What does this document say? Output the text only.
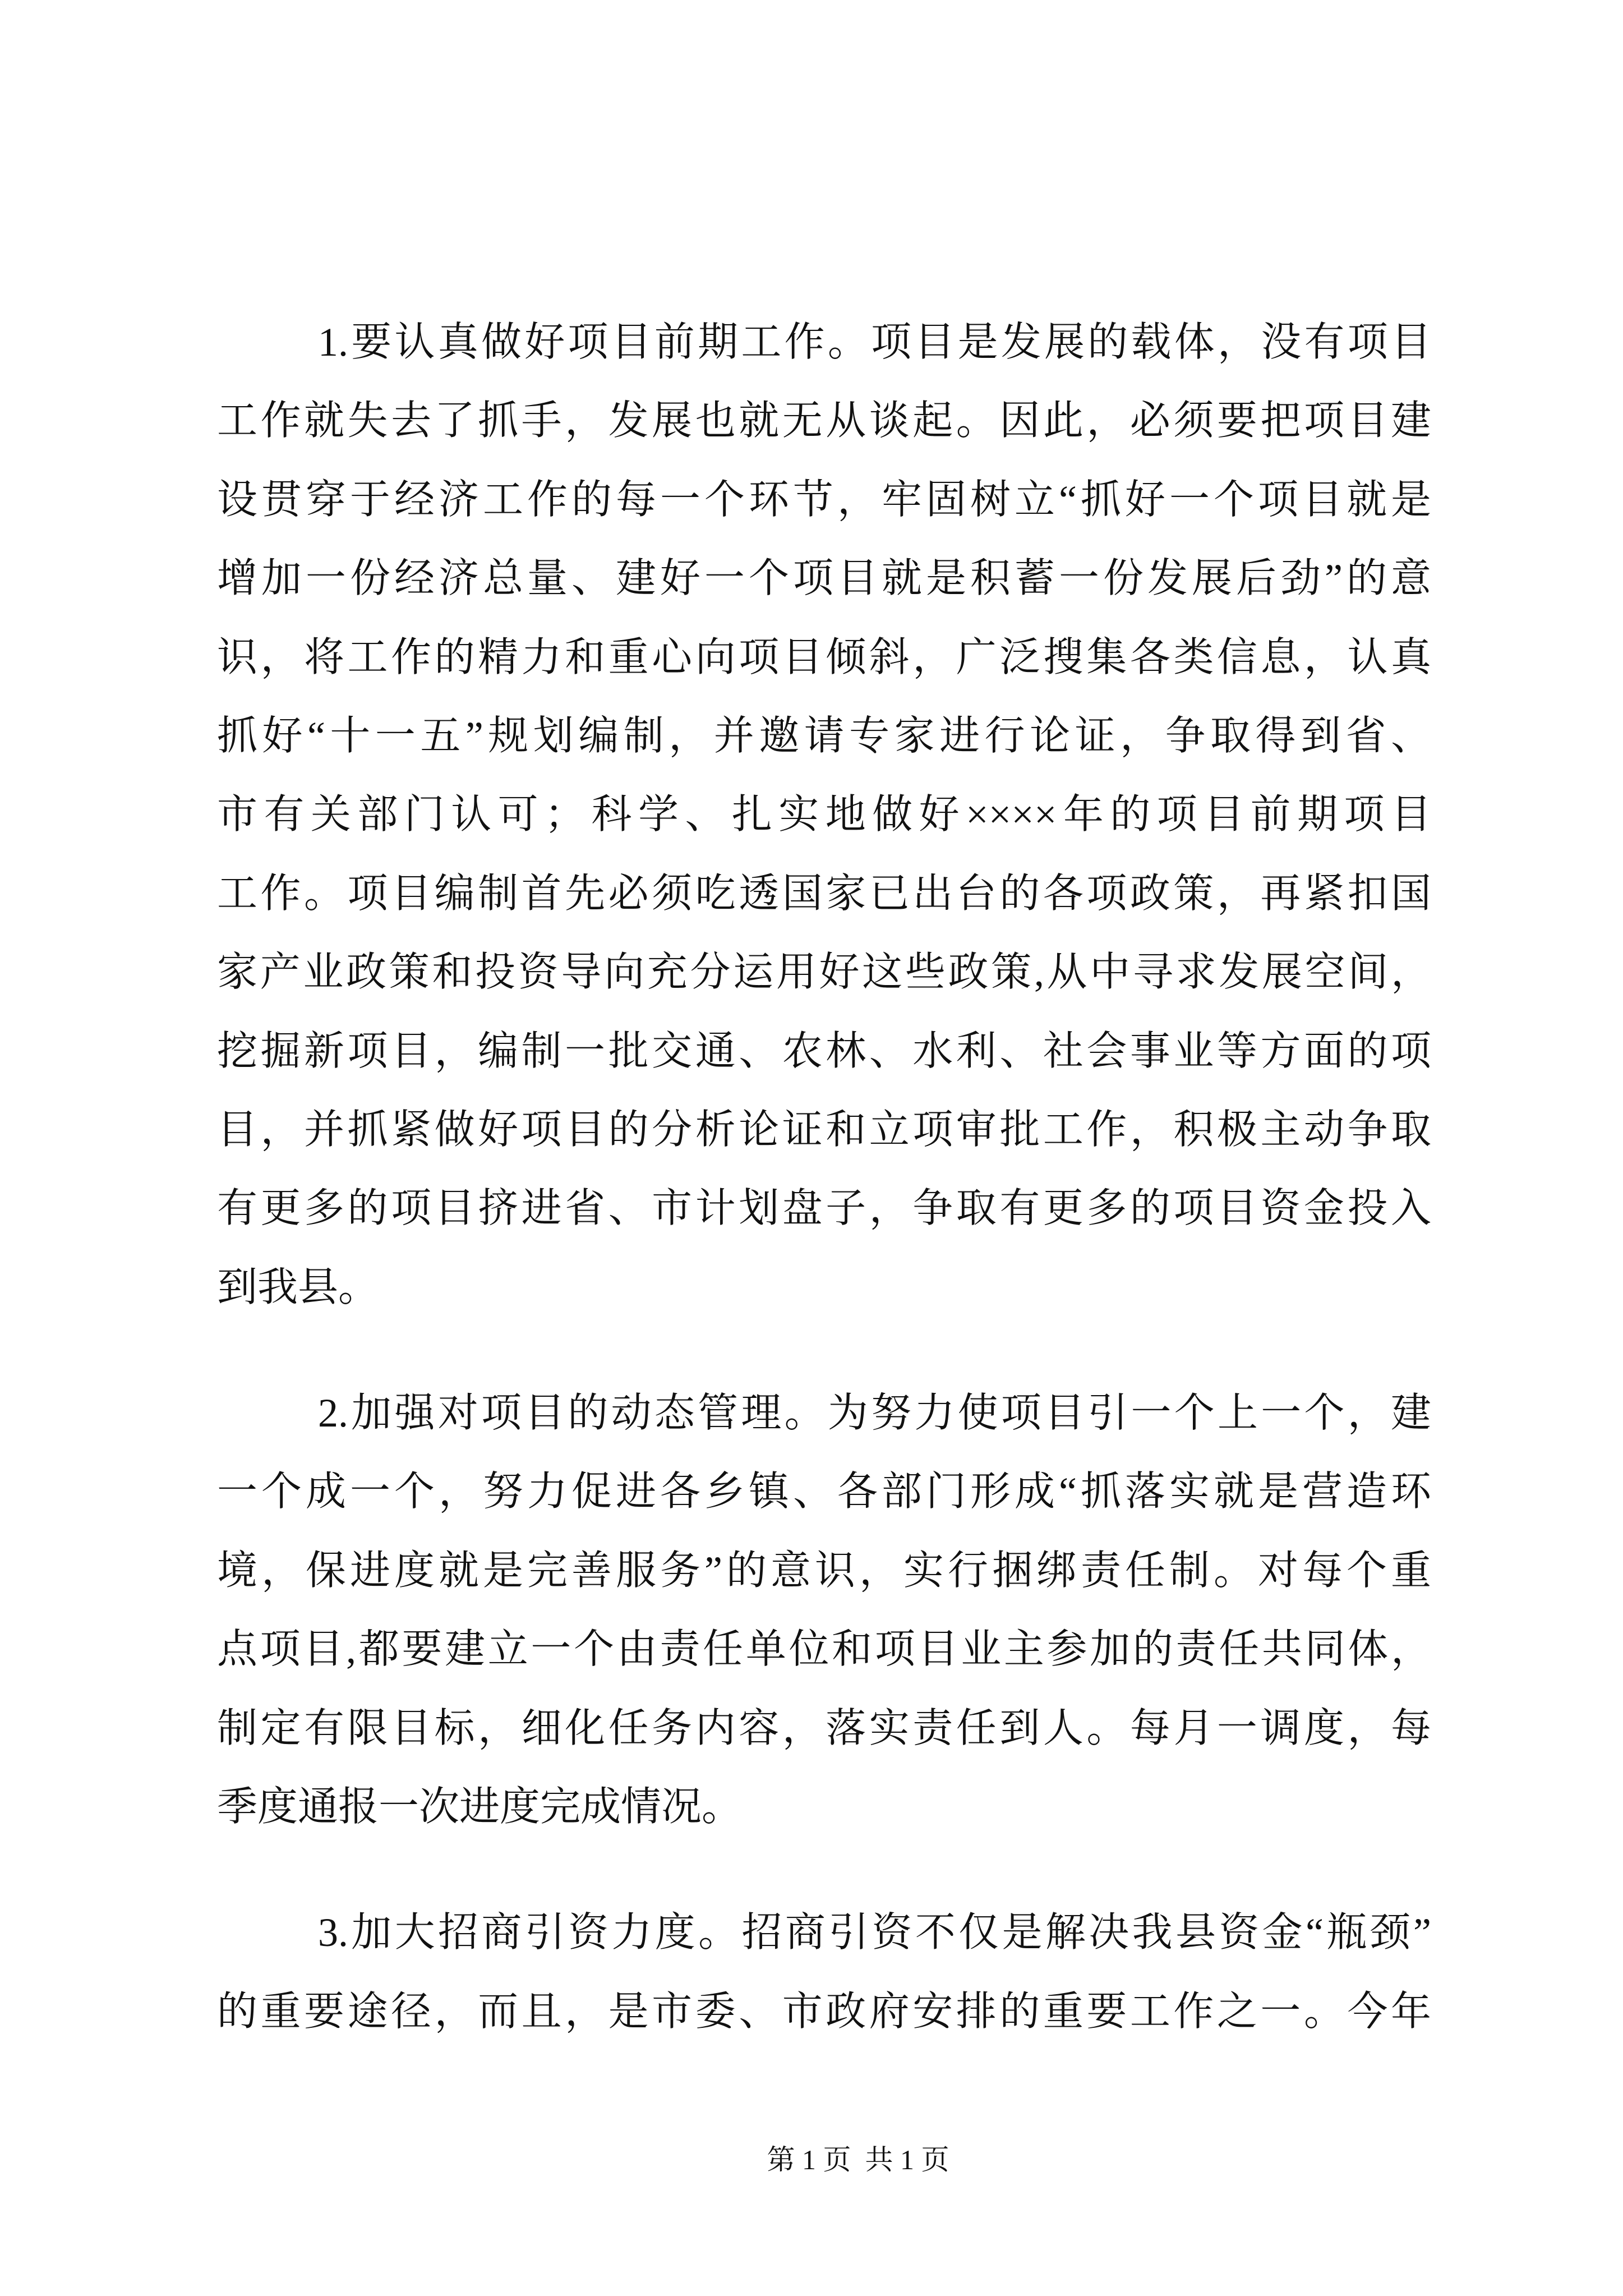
1.要认真做好项目前期工作。项目是发展的载体，没有项目
工作就失去了抓手，发展也就无从谈起。因此，必须要把项目建
设贯穿于经济工作的每一个环节，牢固树立“抓好一个项目就是
增加一份经济总量、建好一个项目就是积蓄一份发展后劲”的意
识，将工作的精力和重心向项目倾斜，广泛搜集各类信息，认真
抓好“十一五”规划编制，并邀请专家进行论证，争取得到省、
市有关部门认可；科学、扎实地做好××××年的项目前期项目
工作。项目编制首先必须吃透国家已出台的各项政策，再紧扣国
家产业政策和投资导向充分运用好这些政策,从中寻求发展空间，
挖掘新项目，编制一批交通、农林、水利、社会事业等方面的项
目，并抓紧做好项目的分析论证和立项审批工作，积极主动争取
有更多的项目挤进省、市计划盘子，争取有更多的项目资金投入
到我县。
2.加强对项目的动态管理。为努力使项目引一个上一个，建
一个成一个，努力促进各乡镇、各部门形成“抓落实就是营造环
境，保进度就是完善服务”的意识，实行捆绑责任制。对每个重
点项目,都要建立一个由责任单位和项目业主参加的责任共同体，
制定有限目标，细化任务内容，落实责任到人。每月一调度，每
季度通报一次进度完成情况。
3.加大招商引资力度。招商引资不仅是解决我县资金“瓶颈”
的重要途径，而且，是市委、市政府安排的重要工作之一。今年
第 1 页  共 1 页
